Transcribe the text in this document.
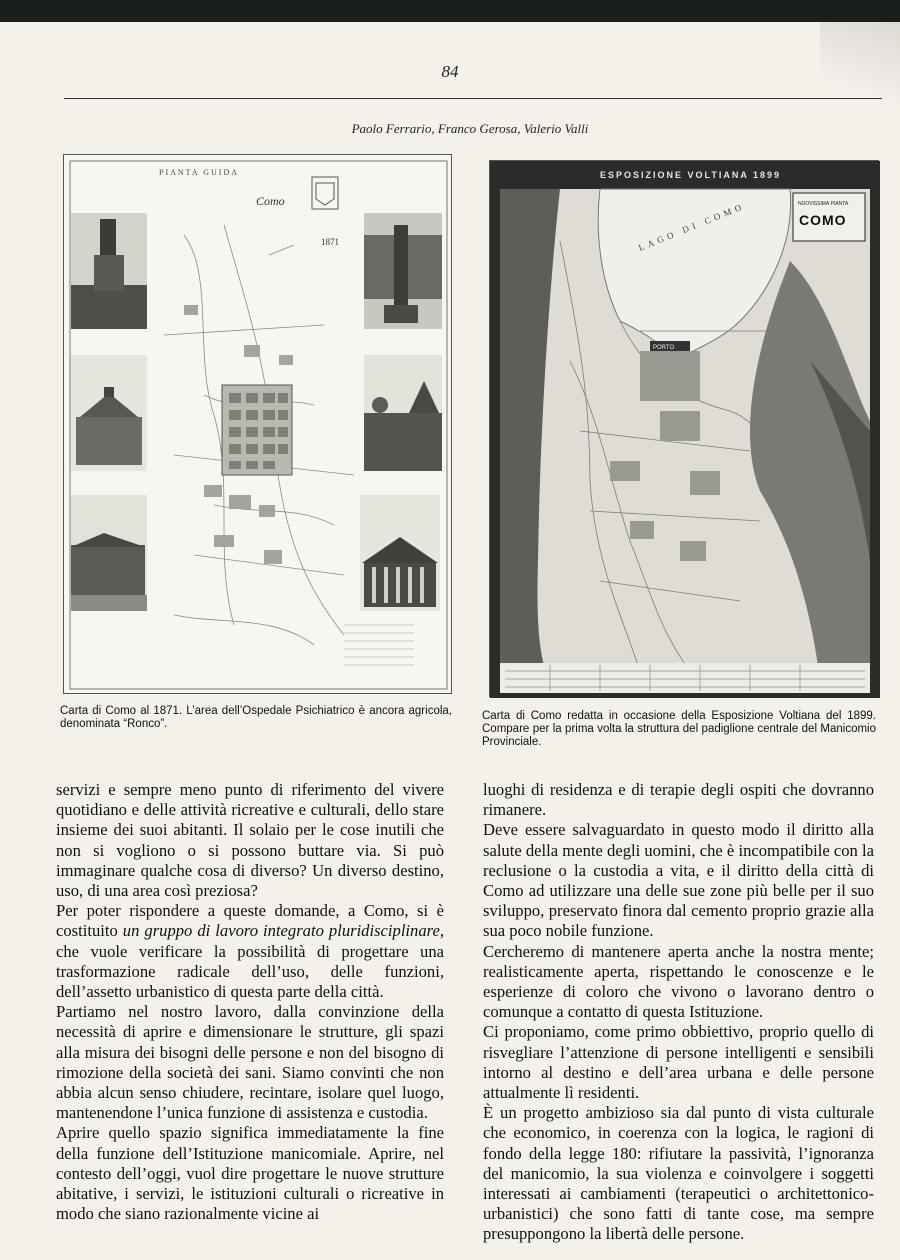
84
Paolo Ferrario, Franco Gerosa, Valerio Valli
PIANTA GUIDA
Como
1871
Carta di Como al 1871. L’area dell’Ospedale Psichiatrico è ancora agricola, denominata “Ronco”.
ESPOSIZIONE VOLTIANA 1899
LAGO DI COMO	NUOVISSIMA PIANTA
COMO
PORTO
Carta di Como redatta in occasione della Esposizione Voltiana del 1899. Compare per la prima volta la struttura del padiglione centrale del Manicomio Provinciale.

servizi e sempre meno punto di riferimento del vivere quotidiano e delle attività ricreative e culturali, dello stare insieme dei suoi abitanti. Il solaio per le cose inutili che non si vogliono o si possono buttare via. Si può immaginare qualche cosa di diverso? Un diverso destino, uso, di una area così preziosa?

Per poter rispondere a queste domande, a Como, si è costituito un gruppo di lavoro integrato pluridisciplinare, che vuole verificare la possibilità di progettare una trasformazione radicale dell’uso, delle funzioni, dell’assetto urbanistico di questa parte della città.

Partiamo nel nostro lavoro, dalla convinzione della necessità di aprire e dimensionare le strutture, gli spazi alla misura dei bisogni delle persone e non del bisogno di rimozione della società dei sani. Siamo convinti che non abbia alcun senso chiudere, recintare, isolare quel luogo, mantenendone l’unica funzione di assistenza e custodia.

Aprire quello spazio significa immediatamente la fine della funzione dell’Istituzione manicomiale. Aprire, nel contesto dell’oggi, vuol dire progettare le nuove strutture abitative, i servizi, le istituzioni culturali o ricreative in modo che siano razionalmente vicine ai

luoghi di residenza e di terapie degli ospiti che dovranno rimanere.

Deve essere salvaguardato in questo modo il diritto alla salute della mente degli uomini, che è incompatibile con la reclusione o la custodia a vita, e il diritto della città di Como ad utilizzare una delle sue zone più belle per il suo sviluppo, preservato finora dal cemento proprio grazie alla sua poco nobile funzione.

Cercheremo di mantenere aperta anche la nostra mente; realisticamente aperta, rispettando le conoscenze e le esperienze di coloro che vivono o lavorano dentro o comunque a contatto di questa Istituzione.

Ci proponiamo, come primo obbiettivo, proprio quello di risvegliare l’attenzione di persone intelligenti e sensibili intorno al destino e dell’area urbana e delle persone attualmente lì residenti.

È un progetto ambizioso sia dal punto di vista culturale che economico, in coerenza con la logica, le ragioni di fondo della legge 180: rifiutare la passività, l’ignoranza del manicomio, la sua violenza e coinvolgere i soggetti interessati ai cambiamenti (terapeutici o architettonico-urbanistici) che sono fatti di tante cose, ma sempre presuppongono la libertà delle persone.
